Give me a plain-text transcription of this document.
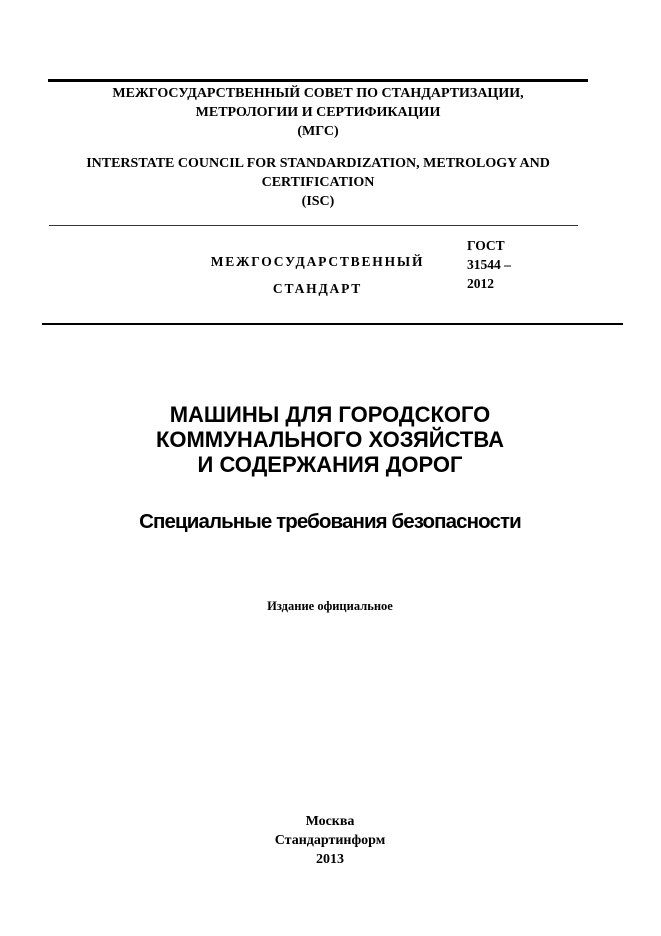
МЕЖГОСУДАРСТВЕННЫЙ СОВЕТ ПО СТАНДАРТИЗАЦИИ,
МЕТРОЛОГИИ И СЕРТИФИКАЦИИ
(МГС)
INTERSTATE COUNCIL FOR STANDARDIZATION, METROLOGY AND
CERTIFICATION
(ISC)
МЕЖГОСУДАРСТВЕННЫЙ
СТАНДАРТ
ГОСТ
31544 –
2012
МАШИНЫ ДЛЯ ГОРОДСКОГО
КОММУНАЛЬНОГО ХОЗЯЙСТВА
И СОДЕРЖАНИЯ ДОРОГ
Специальные требования безопасности
Издание официальное
Москва
Стандартинформ
2013
